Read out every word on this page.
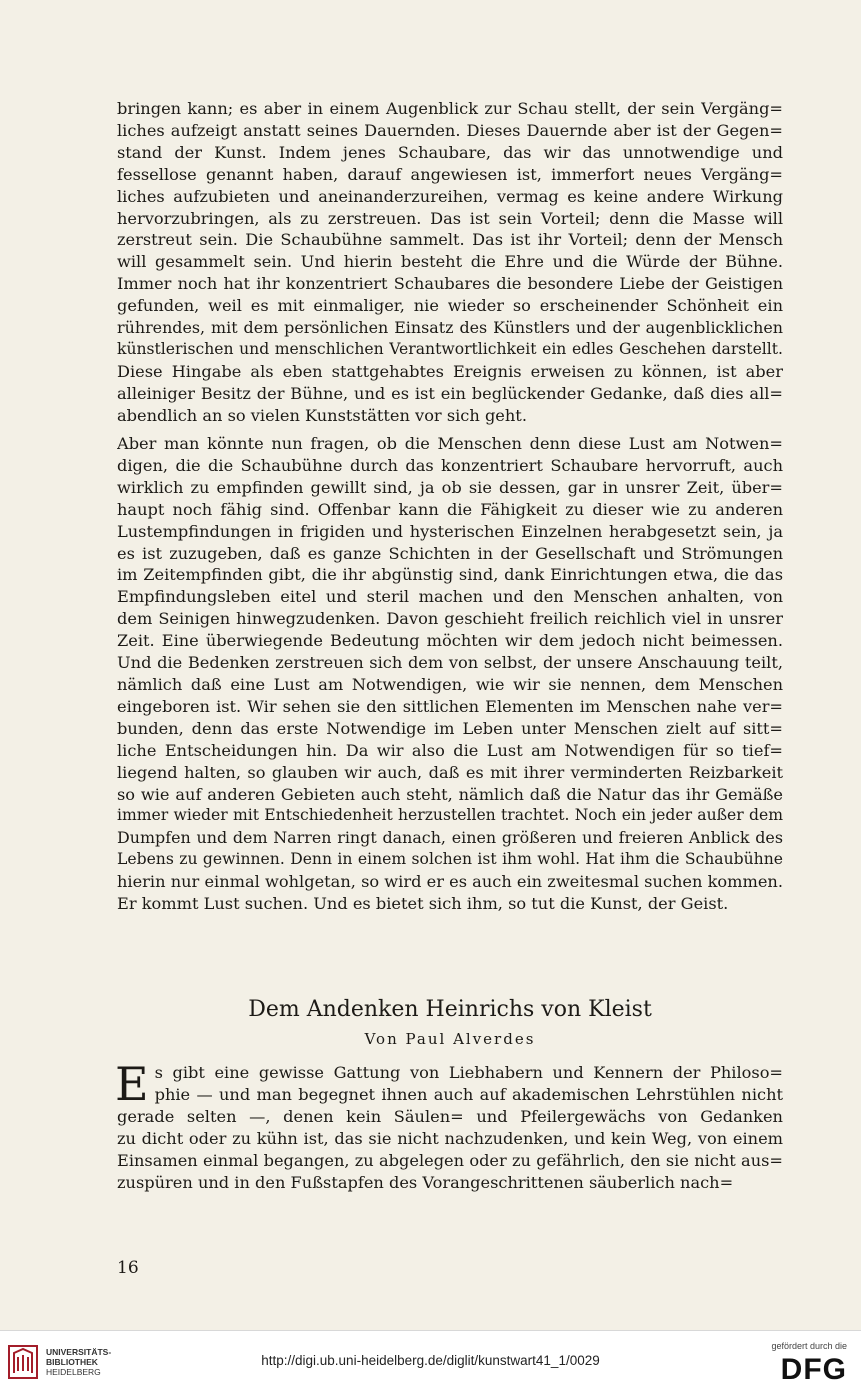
bringen kann; es aber in einem Augenblick zur Schau stellt, der sein Vergäng=
liches aufzeigt anstatt seines Dauernden. Dieses Dauernde aber ist der Gegen=
stand der Kunst. Indem jenes Schaubare, das wir das unnotwendige und
fessellose genannt haben, darauf angewiesen ist, immerfort neues Vergäng=
liches aufzubieten und aneinanderzureihen, vermag es keine andere Wirkung
hervorzubringen, als zu zerstreuen. Das ist sein Vorteil; denn die Masse will
zerstreut sein. Die Schaubühne sammelt. Das ist ihr Vorteil; denn der Mensch
will gesammelt sein. Und hierin besteht die Ehre und die Würde der Bühne.
Immer noch hat ihr konzentriert Schaubares die besondere Liebe der Geistigen
gefunden, weil es mit einmaliger, nie wieder so erscheinender Schönheit ein
rührendes, mit dem persönlichen Einsatz des Künstlers und der augenblicklichen
künstlerischen und menschlichen Verantwortlichkeit ein edles Geschehen darstellt.
Diese Hingabe als eben stattgehabtes Ereignis erweisen zu können, ist aber
alleiniger Besitz der Bühne, und es ist ein beglückender Gedanke, daß dies all=
abendlich an so vielen Kunststätten vor sich geht.
Aber man könnte nun fragen, ob die Menschen denn diese Lust am Notwen=
digen, die die Schaubühne durch das konzentriert Schaubare hervorruft, auch
wirklich zu empfinden gewillt sind, ja ob sie dessen, gar in unsrer Zeit, über=
haupt noch fähig sind. Offenbar kann die Fähigkeit zu dieser wie zu anderen
Lustempfindungen in frigiden und hysterischen Einzelnen herabgesetzt sein, ja
es ist zuzugeben, daß es ganze Schichten in der Gesellschaft und Strömungen
im Zeitempfinden gibt, die ihr abgünstig sind, dank Einrichtungen etwa, die das
Empfindungsleben eitel und steril machen und den Menschen anhalten, von
dem Seinigen hinwegzudenken. Davon geschieht freilich reichlich viel in unsrer
Zeit. Eine überwiegende Bedeutung möchten wir dem jedoch nicht beimessen.
Und die Bedenken zerstreuen sich dem von selbst, der unsere Anschauung teilt,
nämlich daß eine Lust am Notwendigen, wie wir sie nennen, dem Menschen
eingeboren ist. Wir sehen sie den sittlichen Elementen im Menschen nahe ver=
bunden, denn das erste Notwendige im Leben unter Menschen zielt auf sitt=
liche Entscheidungen hin. Da wir also die Lust am Notwendigen für so tief=
liegend halten, so glauben wir auch, daß es mit ihrer verminderten Reizbarkeit
so wie auf anderen Gebieten auch steht, nämlich daß die Natur das ihr Gemäße
immer wieder mit Entschiedenheit herzustellen trachtet. Noch ein jeder außer dem
Dumpfen und dem Narren ringt danach, einen größeren und freieren Anblick des
Lebens zu gewinnen. Denn in einem solchen ist ihm wohl. Hat ihm die Schaubühne
hierin nur einmal wohlgetan, so wird er es auch ein zweitesmal suchen kommen.
Er kommt Lust suchen. Und es bietet sich ihm, so tut die Kunst, der Geist.
Dem Andenken Heinrichs von Kleist
Von Paul Alverdes
E s gibt eine gewisse Gattung von Liebhabern und Kennern der Philoso=
phie — und man begegnet ihnen auch auf akademischen Lehrstühlen nicht
gerade selten —, denen kein Säulen= und Pfeilergewächs von Gedanken
zu dicht oder zu kühn ist, das sie nicht nachzudenken, und kein Weg, von einem
Einsamen einmal begangen, zu abgelegen oder zu gefährlich, den sie nicht aus=
zuspüren und in den Fußstapfen des Vorangeschrittenen säuberlich nach=
16
UNIVERSITÄTS-
BIBLIOTHEK
HEIDELBERG
http://digi.ub.uni-heidelberg.de/diglit/kunstwart41_1/0029
gefördert durch die
DFG
